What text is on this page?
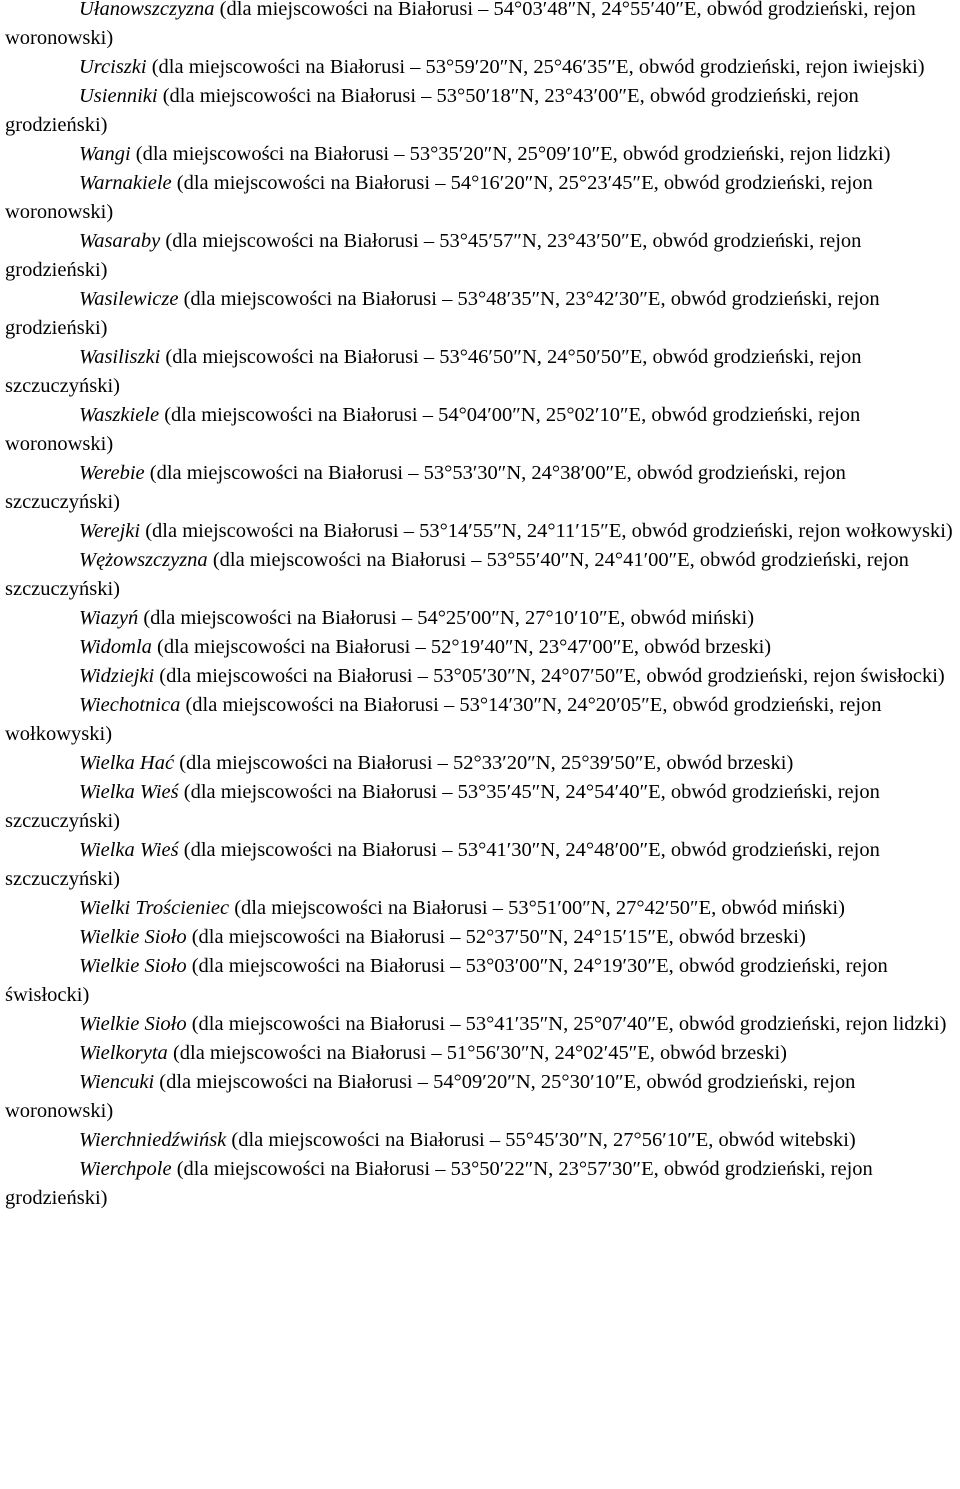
Ułanowszczyzna (dla miejscowości na Białorusi – 54°03′48″N, 24°55′40″E, obwód grodzieński, rejon woronowski)

Urciszki (dla miejscowości na Białorusi – 53°59′20″N, 25°46′35″E, obwód grodzieński, rejon iwiejski)

Usienniki (dla miejscowości na Białorusi – 53°50′18″N, 23°43′00″E, obwód grodzieński, rejon grodzieński)

Wangi (dla miejscowości na Białorusi – 53°35′20″N, 25°09′10″E, obwód grodzieński, rejon lidzki)

Warnakiele (dla miejscowości na Białorusi – 54°16′20″N, 25°23′45″E, obwód grodzieński, rejon woronowski)

Wasaraby (dla miejscowości na Białorusi – 53°45′57″N, 23°43′50″E, obwód grodzieński, rejon grodzieński)

Wasilewicze (dla miejscowości na Białorusi – 53°48′35″N, 23°42′30″E, obwód grodzieński, rejon grodzieński)

Wasiliszki (dla miejscowości na Białorusi – 53°46′50″N, 24°50′50″E, obwód grodzieński, rejon szczuczyński)

Waszkiele (dla miejscowości na Białorusi – 54°04′00″N, 25°02′10″E, obwód grodzieński, rejon woronowski)

Werebie (dla miejscowości na Białorusi – 53°53′30″N, 24°38′00″E, obwód grodzieński, rejon szczuczyński)

Werejki (dla miejscowości na Białorusi – 53°14′55″N, 24°11′15″E, obwód grodzieński, rejon wołkowyski)

Wężowszczyzna (dla miejscowości na Białorusi – 53°55′40″N, 24°41′00″E, obwód grodzieński, rejon szczuczyński)

Wiazyń (dla miejscowości na Białorusi – 54°25′00″N, 27°10′10″E, obwód miński)

Widomla (dla miejscowości na Białorusi – 52°19′40″N, 23°47′00″E, obwód brzeski)

Widziejki (dla miejscowości na Białorusi – 53°05′30″N, 24°07′50″E, obwód grodzieński, rejon świsłocki)

Wiechotnica (dla miejscowości na Białorusi – 53°14′30″N, 24°20′05″E, obwód grodzieński, rejon wołkowyski)

Wielka Hać (dla miejscowości na Białorusi – 52°33′20″N, 25°39′50″E, obwód brzeski)

Wielka Wieś (dla miejscowości na Białorusi – 53°35′45″N, 24°54′40″E, obwód grodzieński, rejon szczuczyński)

Wielka Wieś (dla miejscowości na Białorusi – 53°41′30″N, 24°48′00″E, obwód grodzieński, rejon szczuczyński)

Wielki Trościeniec (dla miejscowości na Białorusi – 53°51′00″N, 27°42′50″E, obwód miński)

Wielkie Sioło (dla miejscowości na Białorusi – 52°37′50″N, 24°15′15″E, obwód brzeski)

Wielkie Sioło (dla miejscowości na Białorusi – 53°03′00″N, 24°19′30″E, obwód grodzieński, rejon świsłocki)

Wielkie Sioło (dla miejscowości na Białorusi – 53°41′35″N, 25°07′40″E, obwód grodzieński, rejon lidzki)

Wielkoryta (dla miejscowości na Białorusi – 51°56′30″N, 24°02′45″E, obwód brzeski)

Wiencuki (dla miejscowości na Białorusi – 54°09′20″N, 25°30′10″E, obwód grodzieński, rejon woronowski)

Wierchniedźwińsk (dla miejscowości na Białorusi – 55°45′30″N, 27°56′10″E, obwód witebski)

Wierchpole (dla miejscowości na Białorusi – 53°50′22″N, 23°57′30″E, obwód grodzieński, rejon grodzieński)
